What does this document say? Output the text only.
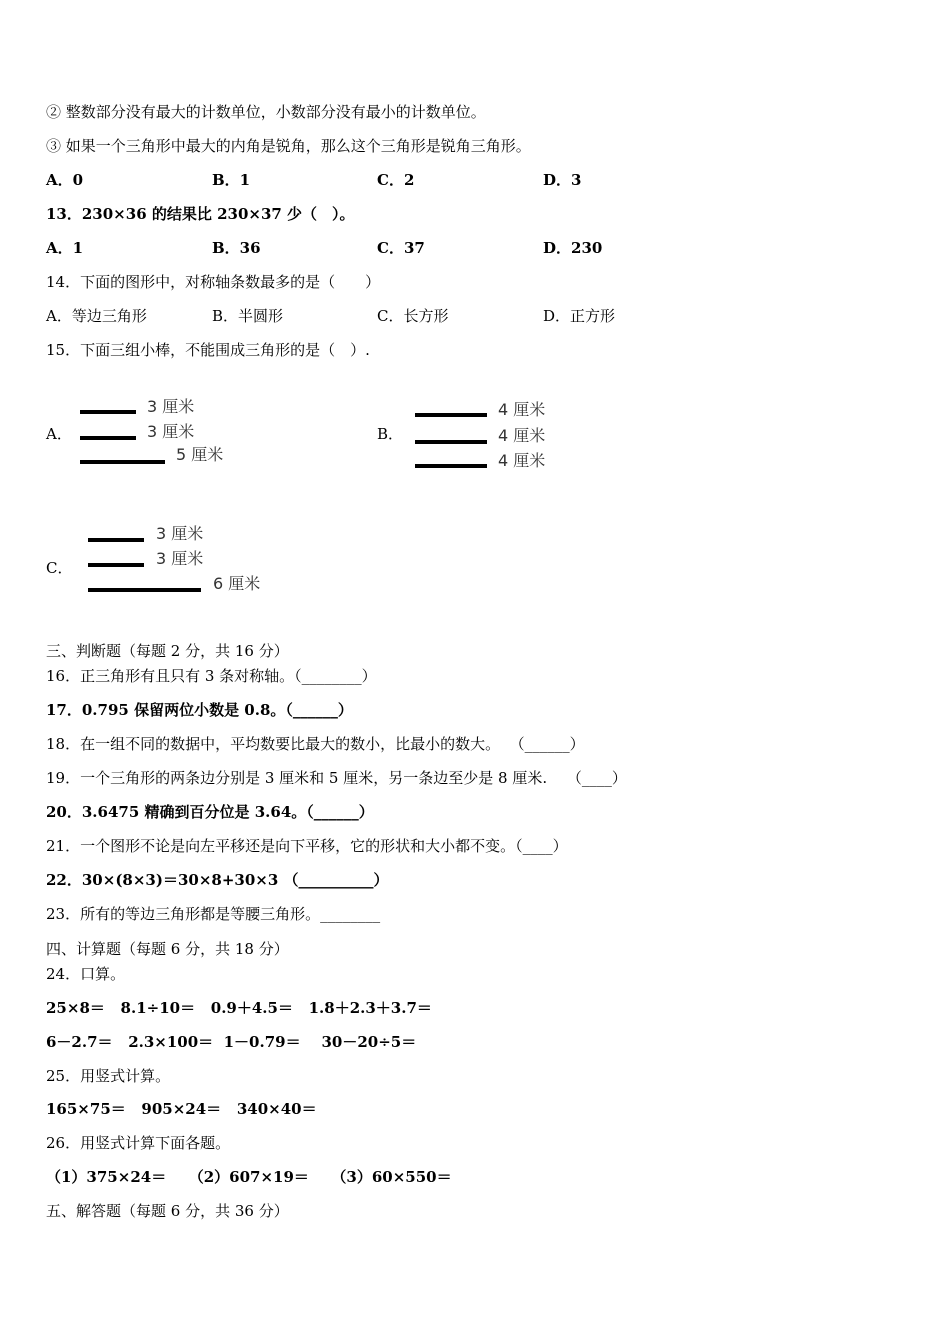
② 整数部分没有最大的计数单位，小数部分没有最小的计数单位。
③ 如果一个三角形中最大的内角是锐角，那么这个三角形是锐角三角形。
A．0	B．1	C．2	D．3
13．230×36 的结果比 230×37 少（　）。
A．1	B．36	C．37	D．230
14．下面的图形中，对称轴条数最多的是（　　）
A．等边三角形	B．半圆形	C．长方形	D．正方形
15．下面三组小棒，不能围成三角形的是（　）.
A．
3 厘米
3 厘米
5 厘米
B．
4 厘米
4 厘米
4 厘米
C．
3 厘米
3 厘米
6 厘米
三、判断题（每题 2 分，共 16 分）
16．正三角形有且只有 3 条对称轴。（________）
17．0.795 保留两位小数是 0.8。（______）
18．在一组不同的数据中，平均数要比最大的数小，比最小的数大。  （______）
19．一个三角形的两条边分别是 3 厘米和 5 厘米，另一条边至少是 8 厘米.　 （____）
20．3.6475 精确到百分位是 3.64。（______）
21．一个图形不论是向左平移还是向下平移，它的形状和大小都不变。（____）
22．30×(8×3)＝30×8+30×3 （__________）
23．所有的等边三角形都是等腰三角形。________
四、计算题（每题 6 分，共 18 分）
24．口算。
25×8＝   8.1÷10＝   0.9＋4.5＝   1.8＋2.3＋3.7＝
6－2.7＝   2.3×100＝  1－0.79＝    30－20÷5＝
25．用竖式计算。
165×75＝   905×24＝   340×40＝
26．用竖式计算下面各题。
（1）375×24＝　　（2）607×19＝　　（3）60×550＝
五、解答题（每题 6 分，共 36 分）
